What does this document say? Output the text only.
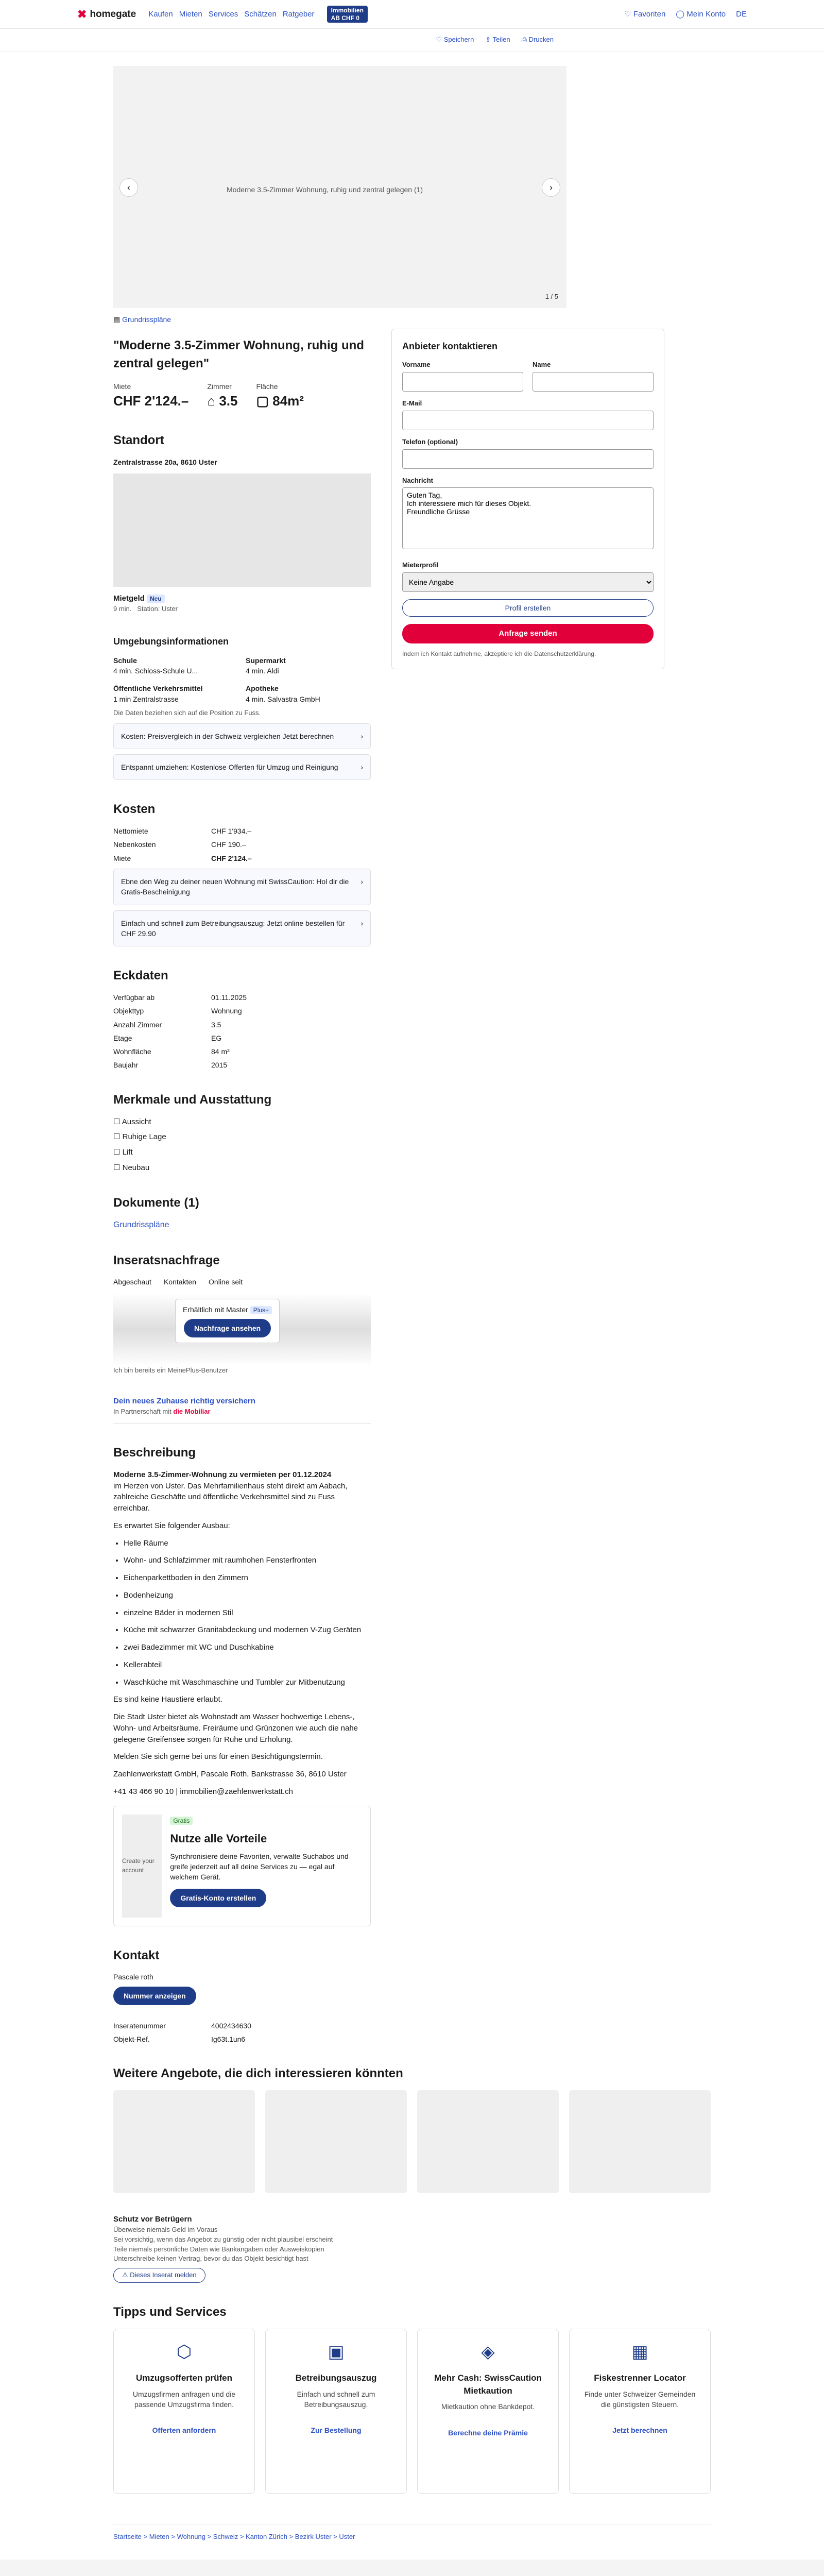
✖ homegate Kaufen Mieten Services Schätzen Ratgeber	Immobilien
AB CHF 0	♡ Favoriten ◯ Mein Konto DE
♡ Speichern ⇪ Teilen ⎙ Drucken
Moderne 3.5-Zimmer Wohnung, ruhig und zentral gelegen (1)
‹	›
1 / 5
Anbieter kontaktieren
Vorname	Name
E-Mail
Telefon (optional)
Nachricht
Guten Tag, Ich interessiere mich für dieses Objekt. Freundliche Grüsse
Mieterprofil
Keine Angabe
Profil erstellen
Anfrage senden
Indem ich Kontakt aufnehme, akzeptiere ich die Datenschutzerklärung.
▤ Grundrisspläne
"Moderne 3.5-Zimmer Wohnung, ruhig und zentral gelegen"
Miete
CHF 2'124.–
Zimmer
⌂ 3.5
Fläche
▢ 84m²
Standort
Zentralstrasse 20a, 8610 Uster
Mietgeld Neu
9 min. Station: Uster
Umgebungsinformationen
Schule
4 min. Schloss-Schule U...
Supermarkt
4 min. Aldi
Öffentliche Verkehrsmittel
1 min Zentralstrasse
Apotheke
4 min. Salvastra GmbH
Die Daten beziehen sich auf die Position zu Fuss.
Kosten: Preisvergleich in der Schweiz vergleichen Jetzt berechnen	›
Entspannt umziehen: Kostenlose Offerten für Umzug und Reinigung	›
Kosten
Nettomiete	CHF 1'934.–
Nebenkosten	CHF 190.–
Miete	CHF 2'124.–
Ebne den Weg zu deiner neuen Wohnung mit SwissCaution: Hol dir die Gratis-Bescheinigung
›
Einfach und schnell zum Betreibungsauszug: Jetzt online bestellen für CHF 29.90
›
Eckdaten
Verfügbar ab	01.11.2025
Objekttyp	Wohnung
Anzahl Zimmer	3.5
Etage	EG
Wohnfläche	84 m²
Baujahr	2015
Merkmale und Ausstattung
☐ Aussicht
☐ Ruhige Lage
☐ Lift
☐ Neubau
Dokumente (1)
Grundrisspläne
Inseratsnachfrage
Abgeschaut Kontakten Online seit
Erhältlich mit Master Plus+
Nachfrage ansehen
Ich bin bereits ein MeinePlus-Benutzer
Dein neues Zuhause richtig versichern
In Partnerschaft mit die Mobiliar
Beschreibung

Moderne 3.5-Zimmer-Wohnung zu vermieten per 01.12.2024
im Herzen von Uster. Das Mehrfamilienhaus steht direkt am Aabach, zahlreiche Geschäfte und öffentliche Verkehrsmittel sind zu Fuss erreichbar.

Es erwartet Sie folgender Ausbau:

• Helle Räume
• Wohn- und Schlafzimmer mit raumhohen Fensterfronten
• Eichenparkettboden in den Zimmern
• Bodenheizung
• einzelne Bäder in modernen Stil
• Küche mit schwarzer Granitabdeckung und modernen V-Zug Geräten
• zwei Badezimmer mit WC und Duschkabine
• Kellerabteil
• Waschküche mit Waschmaschine und Tumbler zur Mitbenutzung

Es sind keine Haustiere erlaubt.

Die Stadt Uster bietet als Wohnstadt am Wasser hochwertige Lebens-, Wohn- und Arbeitsräume. Freiräume und Grünzonen wie auch die nahe gelegene Greifensee sorgen für Ruhe und Erholung.

Melden Sie sich gerne bei uns für einen Besichtigungstermin.

Zaehlenwerkstatt GmbH, Pascale Roth, Bankstrasse 36, 8610 Uster

+41 43 466 90 10 | immobilien@zaehlenwerkstatt.ch

Create your account
Gratis
Nutze alle Vorteile
Synchronisiere deine Favoriten, verwalte Suchabos und greife jederzeit auf all deine Services zu — egal auf welchem Gerät.
Gratis-Konto erstellen
Kontakt
Pascale roth
Nummer anzeigen
Inseratenummer	4002434630
Objekt-Ref.	Ig63t.1un6
Weitere Angebote, die dich interessieren könnten
Schutz vor Betrügern
Überweise niemals Geld im Voraus
Sei vorsichtig, wenn das Angebot zu günstig oder nicht plausibel erscheint
Teile niemals persönliche Daten wie Bankangaben oder Ausweiskopien
Unterschreibe keinen Vertrag, bevor du das Objekt besichtigt hast
⚠ Dieses Inserat melden
Tipps und Services
⬡
Umzugsofferten prüfen

Umzugsfirmen anfragen und die passende Umzugsfirma finden.

Offerten anfordern
▣
Betreibungsauszug

Einfach und schnell zum Betreibungsauszug.

Zur Bestellung
◈
Mehr Cash: SwissCaution Mietkaution

Mietkaution ohne Bankdepot.

Berechne deine Prämie
▦
Fiskestrenner Locator

Finde unter Schweizer Gemeinden die günstigsten Steuern.

Jetzt berechnen
Startseite > Mieten > Wohnung > Schweiz > Kanton Zürich > Bezirk Uster > Uster
